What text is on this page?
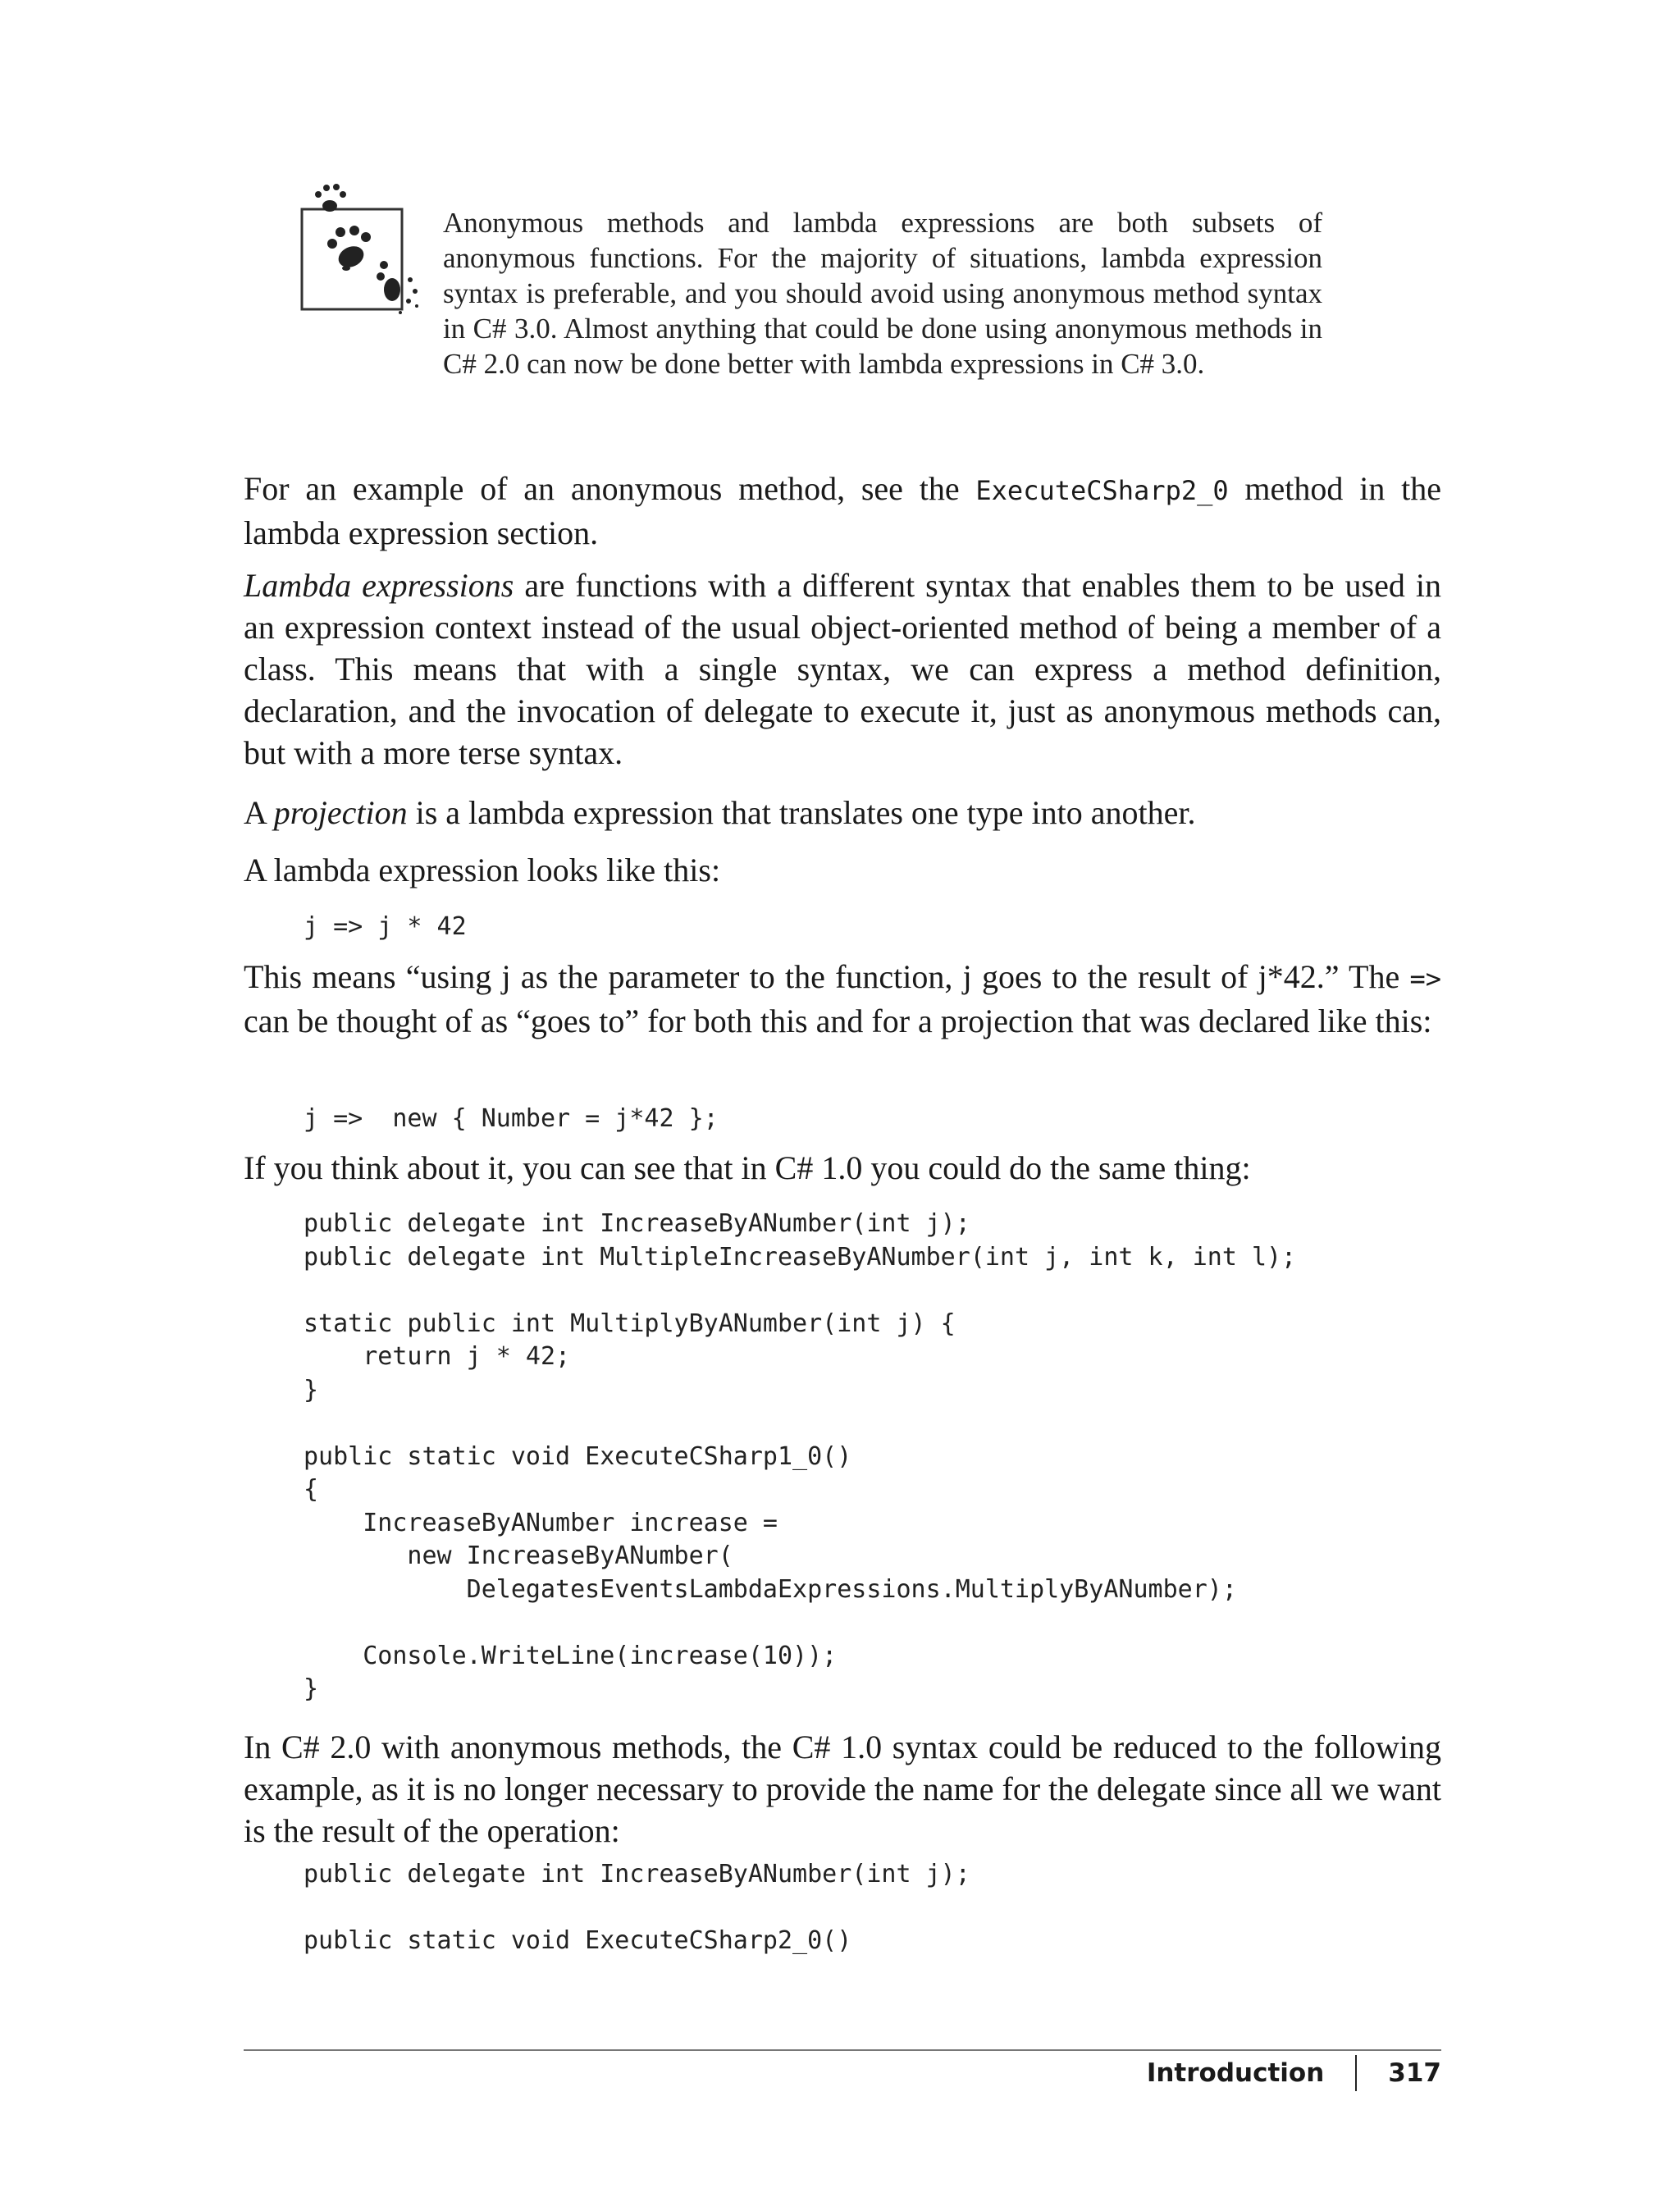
Anonymous methods and lambda expressions are both subsets of anonymous functions. For the majority of situations, lambda expression syntax is preferable, and you should avoid using anonymous method syntax in C# 3.0. Almost anything that could be done using anonymous methods in C# 2.0 can now be done better with lambda expressions in C# 3.0.

For an example of an anonymous method, see the ExecuteCSharp2_0 method in the lambda expression section.

Lambda expressions are functions with a different syntax that enables them to be used in an expression context instead of the usual object-oriented method of being a member of a class. This means that with a single syntax, we can express a method definition, declaration, and the invocation of delegate to execute it, just as anonymous methods can, but with a more terse syntax.

A projection is a lambda expression that translates one type into another.

A lambda expression looks like this:

j => j * 42

This means “using j as the parameter to the function, j goes to the result of j*42.” The => can be thought of as “goes to” for both this and for a projection that was declared like this:

j =>  new { Number = j*42 };

If you think about it, you can see that in C# 1.0 you could do the same thing:

public delegate int IncreaseByANumber(int j);
public delegate int MultipleIncreaseByANumber(int j, int k, int l);

static public int MultiplyByANumber(int j) {
return j * 42;
}

public static void ExecuteCSharp1_0()
{
IncreaseByANumber increase =
new IncreaseByANumber(
DelegatesEventsLambdaExpressions.MultiplyByANumber);

Console.WriteLine(increase(10));
}

In C# 2.0 with anonymous methods, the C# 1.0 syntax could be reduced to the following example, as it is no longer necessary to provide the name for the delegate since all we want is the result of the operation:

public delegate int IncreaseByANumber(int j);

public static void ExecuteCSharp2_0()
Introduction	317
